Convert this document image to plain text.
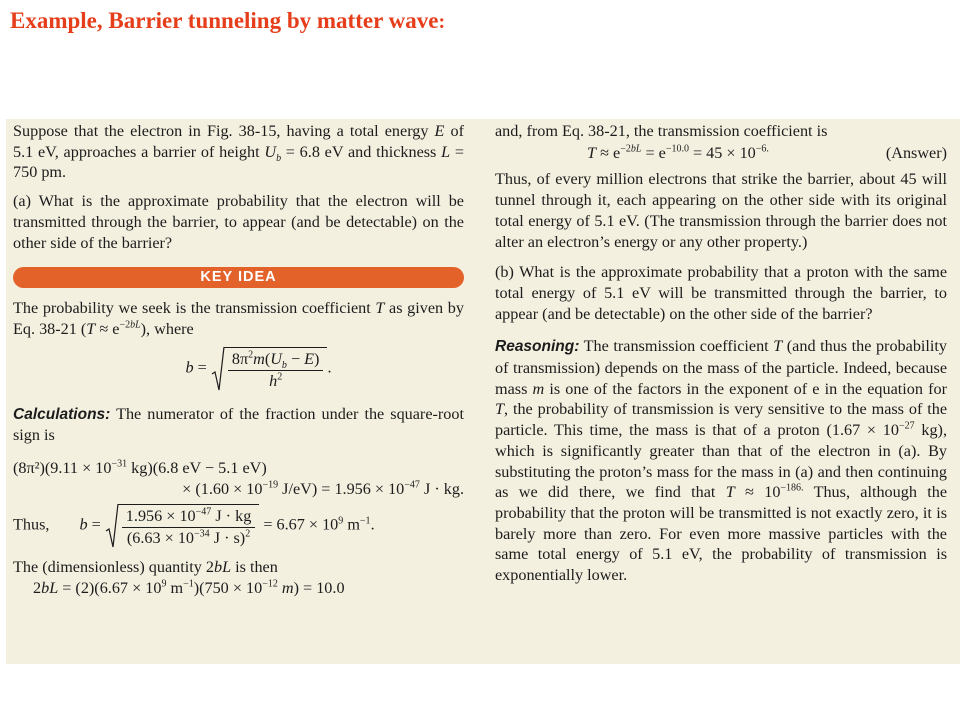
Example, Barrier tunneling by matter wave:

Suppose that the electron in Fig. 38-15, having a total energy E of 5.1 eV, approaches a barrier of height $U_b = 6.8$ eV and thickness L = 750 pm.

(a) What is the approximate probability that the electron will be transmitted through the barrier, to appear (and be detectable) on the other side of the barrier?

KEY IDEA

The probability we seek is the transmission coefficient T as given by Eq. 38-21 $(T \approx e^{-2bL})$, where

$b = \frac{8\pi^2m(U_b - E)}{h^2}$ .

Calculations: The numerator of the fraction under the square-root sign is

$(8\pi^2)(9.11 \times 10^{-31}$ kg)(6.8 eV − 5.1 eV)

× ($1.60 \times 10^{-19}$ $J/eV) = 1.956 \times 10^{-47}$ J · kg.

Thus, $b = \frac{1.956 \times 10^{-47} J \cdot kg}{(6.63 \times 10^{-34} J \cdot s)^2} = 6.67 \times 10^9$ $m^{-1}$.

The (dimensionless) quantity 2bL is then

$2bL = (2)(6.67 \times 10^9$ $m^{-1})(750 \times 10^{-12}$ m) = 10.0

and, from Eq. 38-21, the transmission coefficient is

$T \approx e^{-2bL} = e^{-10.0} = 45 \times 10^{-6.}$	(Answer)

Thus, of every million electrons that strike the barrier, about 45 will tunnel through it, each appearing on the other side with its original total energy of 5.1 eV. (The transmission through the barrier does not alter an electron’s energy or any other property.)

(b) What is the approximate probability that a proton with the same total energy of 5.1 eV will be transmitted through the barrier, to appear (and be detectable) on the other side of the barrier?

Reasoning: The transmission coefficient T (and thus the probability of transmission) depends on the mass of the particle. Indeed, because mass m is one of the factors in the exponent of e in the equation for T, the probability of transmission is very sensitive to the mass of the particle. This time, the mass is that of a proton ($1.67 \times 10^{-27}$ kg), which is significantly greater than that of the electron in (a). By substituting the proton’s mass for the mass in (a) and then continuing as we did there, we find that $T \approx 10^{-186.}$ Thus, although the probability that the proton will be transmitted is not exactly zero, it is barely more than zero. For even more massive particles with the same total energy of 5.1 eV, the probability of transmission is exponentially lower.
